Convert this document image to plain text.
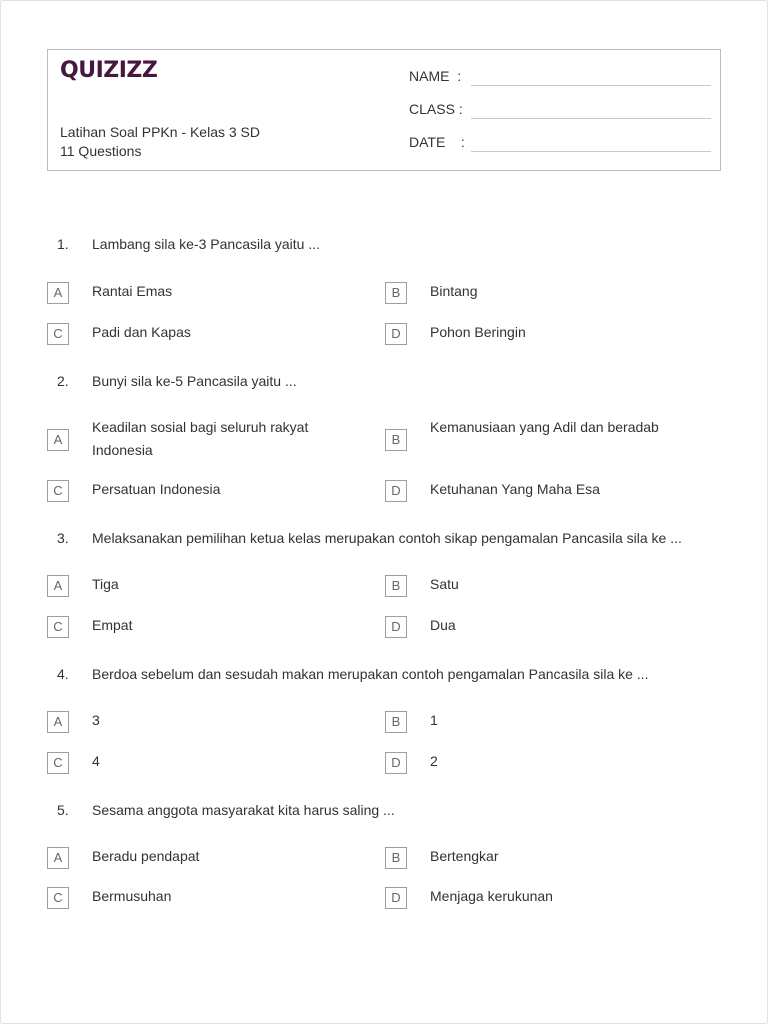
QUIZIZZ
Latihan Soal PPKn - Kelas 3 SD
11 Questions
NAME :
CLASS :
DATE :
1. Lambang sila ke-3 Pancasila yaitu ...
A	Rantai Emas	B	Bintang
C	Padi dan Kapas	D	Pohon Beringin
2. Bunyi sila ke-5 Pancasila yaitu ...
A
Keadilan sosial bagi seluruh rakyat Indonesia
B
Kemanusiaan yang Adil dan beradab
C	Persatuan Indonesia	D	Ketuhanan Yang Maha Esa
3. Melaksanakan pemilihan ketua kelas merupakan contoh sikap pengamalan Pancasila sila ke ...
A	Tiga	B	Satu
C	Empat	D	Dua
4. Berdoa sebelum dan sesudah makan merupakan contoh pengamalan Pancasila sila ke ...
A	3	B	1
C	4	D	2
5. Sesama anggota masyarakat kita harus saling ...
A	Beradu pendapat	B	Bertengkar
C	Bermusuhan	D	Menjaga kerukunan
